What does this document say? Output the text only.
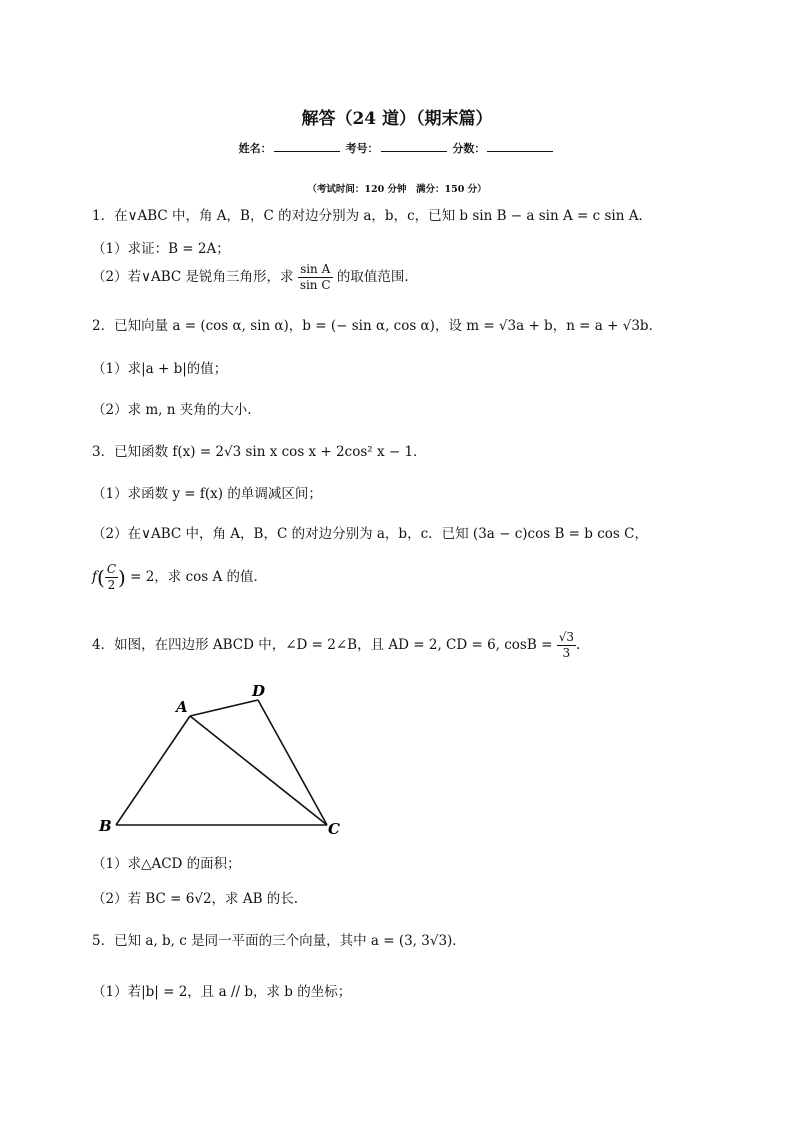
解答（24 道）（期末篇）
姓名：	考号：	分数：
（考试时间：120 分钟　满分：150 分）
1．在∨ABC 中，角 A，B，C 的对边分别为 a，b，c，已知 b sin B − a sin A = c sin A．
（1）求证：B = 2A；
（2）若∨ABC 是锐角三角形，求 $\frac{\text{sin A}}{\text{sin C}}$ 的取值范围．
2．已知向量 a = (cos α, sin α)，b = (− sin α, cos α)，设 m = √3a + b，n = a + √3b．
（1）求|a + b|的值；
（2）求 m, n 夹角的大小.
3．已知函数 f(x) = 2√3 sin x cos x + 2cos² x − 1．
（1）求函数 y = f(x) 的单调减区间；
（2）在∨ABC 中，角 A，B，C 的对边分别为 a，b，c．已知 (3a − c)cos B = b cos C，
$f( \frac{C}{2}$ ) = 2，求 cos A 的值．
4．如图，在四边形 ABCD 中，∠D = 2∠B，且 AD = 2, CD = 6, $\cos B = \frac{√3}{3}$ .
A
D
B	C
（1）求△ACD 的面积；
（2）若 BC = 6√2，求 AB 的长.
5．已知 a, b, c 是同一平面的三个向量，其中 a = (3, 3√3)．
（1）若|b| = 2，且 a // b，求 b 的坐标；
